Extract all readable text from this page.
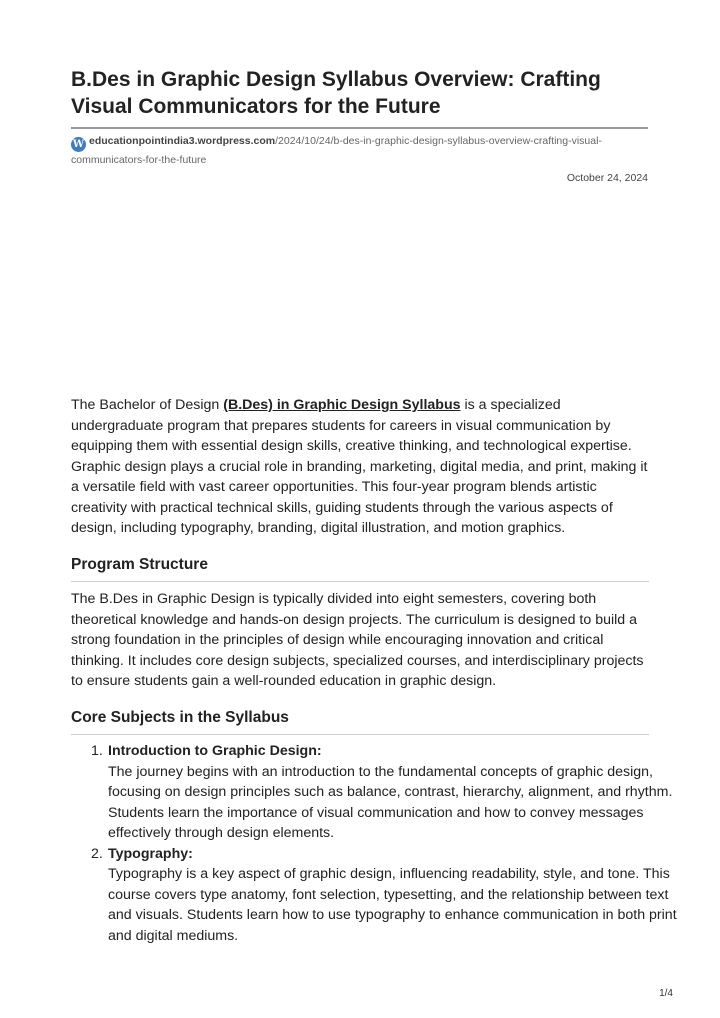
B.Des in Graphic Design Syllabus Overview: Crafting Visual Communicators for the Future
W educationpointindia3.wordpress.com/2024/10/24/b-des-in-graphic-design-syllabus-overview-crafting-visual-communicators-for-the-future
October 24, 2024

The Bachelor of Design (B.Des) in Graphic Design Syllabus is a specialized undergraduate program that prepares students for careers in visual communication by equipping them with essential design skills, creative thinking, and technological expertise. Graphic design plays a crucial role in branding, marketing, digital media, and print, making it a versatile field with vast career opportunities. This four-year program blends artistic creativity with practical technical skills, guiding students through the various aspects of design, including typography, branding, digital illustration, and motion graphics.

Program Structure

The B.Des in Graphic Design is typically divided into eight semesters, covering both theoretical knowledge and hands-on design projects. The curriculum is designed to build a strong foundation in the principles of design while encouraging innovation and critical thinking. It includes core design subjects, specialized courses, and interdisciplinary projects to ensure students gain a well-rounded education in graphic design.

Core Subjects in the Syllabus
1. Introduction to Graphic Design:
The journey begins with an introduction to the fundamental concepts of graphic design, focusing on design principles such as balance, contrast, hierarchy, alignment, and rhythm. Students learn the importance of visual communication and how to convey messages effectively through design elements.
2. Typography:
Typography is a key aspect of graphic design, influencing readability, style, and tone. This course covers type anatomy, font selection, typesetting, and the relationship between text and visuals. Students learn how to use typography to enhance communication in both print and digital mediums.
1/4
